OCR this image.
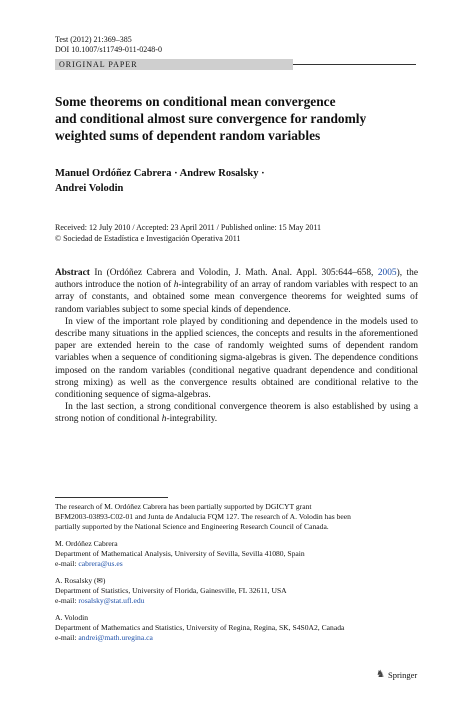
Test (2012) 21:369–385
DOI 10.1007/s11749-011-0248-0
ORIGINAL PAPER
Some theorems on conditional mean convergence
and conditional almost sure convergence for randomly
weighted sums of dependent random variables
Manuel Ordóñez Cabrera · Andrew Rosalsky ·
Andrei Volodin
Received: 12 July 2010 / Accepted: 23 April 2011 / Published online: 15 May 2011
© Sociedad de Estadística e Investigación Operativa 2011

Abstract In (Ordóñez Cabrera and Volodin, J. Math. Anal. Appl. 305:644–658, 2005), the authors introduce the notion of h-integrability of an array of random variables with respect to an array of constants, and obtained some mean convergence theorems for weighted sums of random variables subject to some special kinds of dependence.

In view of the important role played by conditioning and dependence in the models used to describe many situations in the applied sciences, the concepts and results in the aforementioned paper are extended herein to the case of randomly weighted sums of dependent random variables when a sequence of conditioning sigma-algebras is given. The dependence conditions imposed on the random variables (conditional negative quadrant dependence and conditional strong mixing) as well as the convergence results obtained are conditional relative to the conditioning sequence of sigma-algebras.

In the last section, a strong conditional convergence theorem is also established by using a strong notion of conditional h-integrability.

The research of M. Ordóñez Cabrera has been partially supported by DGICYT grant

BFM2003-03893-C02-01 and Junta de Andalucia FQM 127. The research of A. Volodin has been

partially supported by the National Science and Engineering Research Council of Canada.

M. Ordóñez Cabrera

Department of Mathematical Analysis, University of Sevilla, Sevilla 41080, Spain

e-mail: cabrera@us.es

A. Rosalsky (✉)

Department of Statistics, University of Florida, Gainesville, FL 32611, USA

e-mail: rosalsky@stat.ufl.edu

A. Volodin

Department of Mathematics and Statistics, University of Regina, Regina, SK, S4S0A2, Canada

e-mail: andrei@math.uregina.ca

♞ Springer
